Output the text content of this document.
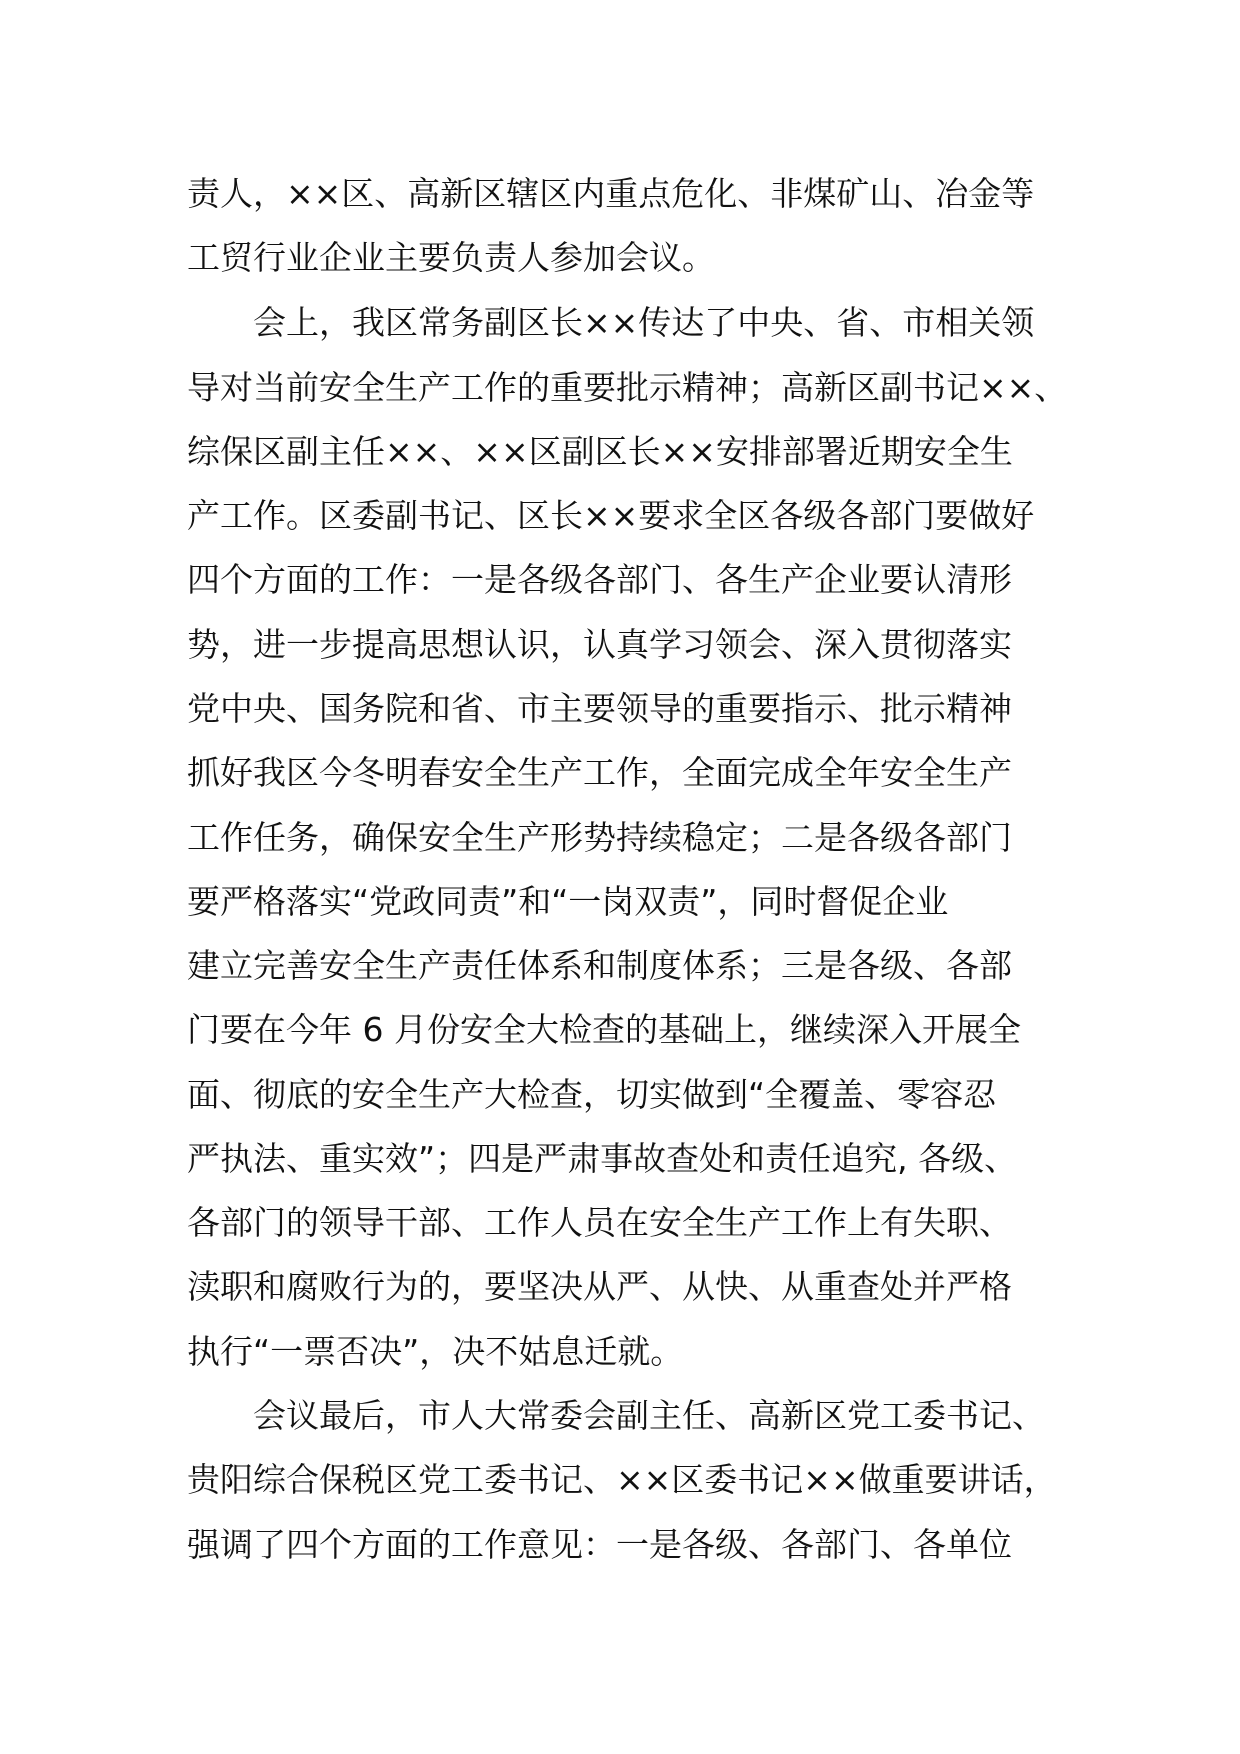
责人，××区、高新区辖区内重点危化、非煤矿山、冶金等
工贸行业企业主要负责人参加会议。
会上，我区常务副区长××传达了中央、省、市相关领
导对当前安全生产工作的重要批示精神；高新区副书记××、
综保区副主任××、××区副区长××安排部署近期安全生
产工作。区委副书记、区长××要求全区各级各部门要做好
四个方面的工作：一是各级各部门、各生产企业要认清形
势，进一步提高思想认识，认真学习领会、深入贯彻落实
党中央、国务院和省、市主要领导的重要指示、批示精神
抓好我区今冬明春安全生产工作，全面完成全年安全生产
工作任务，确保安全生产形势持续稳定；二是各级各部门
要严格落实“党政同责”和“一岗双责”，同时督促企业
建立完善安全生产责任体系和制度体系；三是各级、各部
门要在今年 6 月份安全大检查的基础上，继续深入开展全
面、彻底的安全生产大检查，切实做到“全覆盖、零容忍
严执法、重实效”；四是严肃事故查处和责任追究, 各级、
各部门的领导干部、工作人员在安全生产工作上有失职、
渎职和腐败行为的，要坚决从严、从快、从重查处并严格
执行“一票否决”，决不姑息迁就。
会议最后，市人大常委会副主任、高新区党工委书记、
贵阳综合保税区党工委书记、××区委书记××做重要讲话，
强调了四个方面的工作意见：一是各级、各部门、各单位
